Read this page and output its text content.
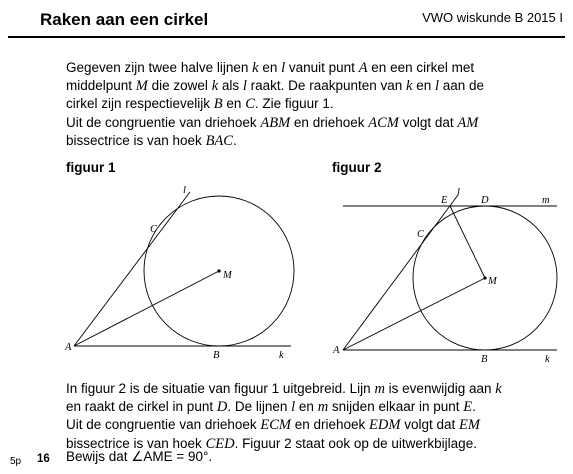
Raken aan een cirkel	VWO wiskunde B 2015 I

Gegeven zijn twee halve lijnen k en l vanuit punt A en een cirkel met
middelpunt M die zowel k als l raakt. De raakpunten van k en l aan de
cirkel zijn respectievelijk B en C. Zie figuur 1.
Uit de congruentie van driehoek ABM en driehoek ACM volgt dat AM
bissectrice is van hoek BAC.

figuur 1	figuur 2
A
B
C
M
k
l
A
B
C
D
E
M
k
l
m

In figuur 2 is de situatie van figuur 1 uitgebreid. Lijn m is evenwijdig aan k
en raakt de cirkel in punt D. De lijnen l en m snijden elkaar in punt E.
Uit de congruentie van driehoek ECM en driehoek EDM volgt dat EM
bissectrice is van hoek CED. Figuur 2 staat ook op de uitwerkbijlage.

5p 16 Bewijs dat ∠AME = 90°.
